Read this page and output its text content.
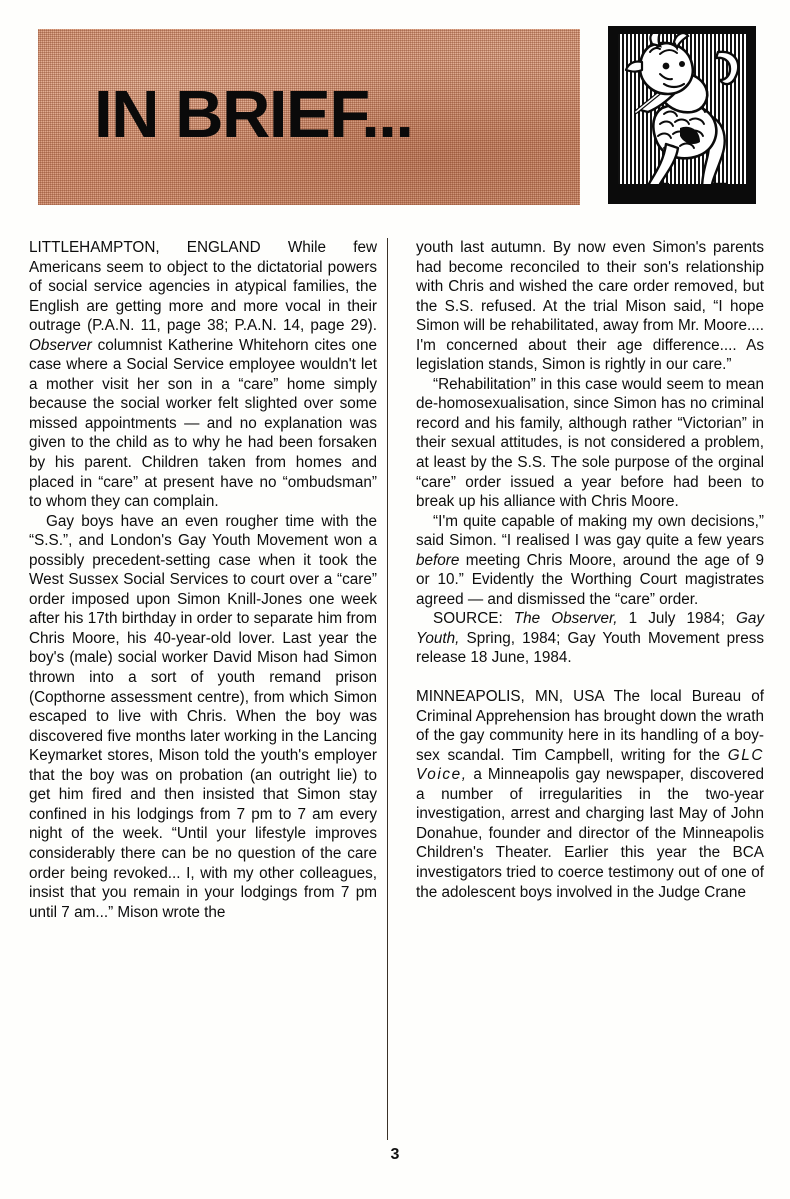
IN BRIEF...

LITTLEHAMPTON, ENGLAND While few Americans seem to object to the dictatorial powers of social service agencies in atypical families, the English are getting more and more vocal in their outrage (P.A.N. 11, page 38; P.A.N. 14, page 29). Observer columnist Katherine Whitehorn cites one case where a Social Service employee wouldn't let a mother visit her son in a “care” home simply because the social worker felt slighted over some missed appointments — and no explanation was given to the child as to why he had been forsaken by his parent. Children taken from homes and placed in “care” at present have no “ombudsman” to whom they can complain.

Gay boys have an even rougher time with the “S.S.”, and London's Gay Youth Movement won a possibly precedent-setting case when it took the West Sussex Social Services to court over a “care” order imposed upon Simon Knill-Jones one week after his 17th birthday in order to separate him from Chris Moore, his 40-year-old lover. Last year the boy's (male) social worker David Mison had Simon thrown into a sort of youth remand prison (Copthorne assessment centre), from which Simon escaped to live with Chris. When the boy was discovered five months later working in the Lancing Keymarket stores, Mison told the youth's employer that the boy was on probation (an outright lie) to get him fired and then insisted that Simon stay confined in his lodgings from 7 pm to 7 am every night of the week. “Until your lifestyle improves considerably there can be no question of the care order being revoked... I, with my other colleagues, insist that you remain in your lodgings from 7 pm until 7 am...” Mison wrote the

youth last autumn. By now even Simon's parents had become reconciled to their son's relationship with Chris and wished the care order removed, but the S.S. refused. At the trial Mison said, “I hope Simon will be rehabilitated, away from Mr. Moore.... I'm concerned about their age difference.... As legislation stands, Simon is rightly in our care.”

“Rehabilitation” in this case would seem to mean de-homosexualisation, since Simon has no criminal record and his family, although rather “Victorian” in their sexual attitudes, is not considered a problem, at least by the S.S. The sole purpose of the orginal “care” order issued a year before had been to break up his alliance with Chris Moore.

“I'm quite capable of making my own decisions,” said Simon. “I realised I was gay quite a few years before meeting Chris Moore, around the age of 9 or 10.” Evidently the Worthing Court magistrates agreed — and dismissed the “care” order.

SOURCE: The Observer, 1 July 1984; Gay Youth, Spring, 1984; Gay Youth Movement press release 18 June, 1984.

MINNEAPOLIS, MN, USA The local Bureau of Criminal Apprehension has brought down the wrath of the gay community here in its handling of a boy-sex scandal. Tim Campbell, writing for the GLC Voice, a Minneapolis gay newspaper, discovered a number of irregularities in the two-year investigation, arrest and charging last May of John Donahue, founder and director of the Minneapolis Children's Theater. Earlier this year the BCA investigators tried to coerce testimony out of one of the adolescent boys involved in the Judge Crane

3
